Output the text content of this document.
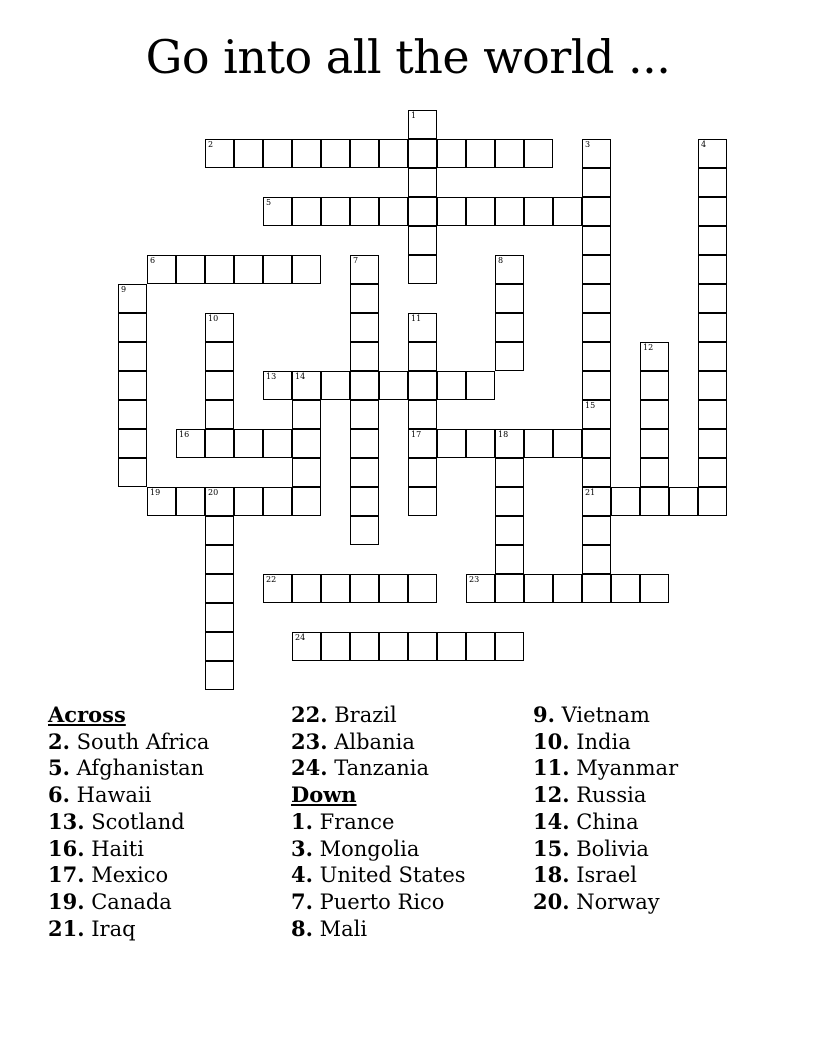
Go into all the world ...
1
2	3	4
5
6	7	8
9
10	11
17
12
13 14
15
21
16	18
19	20
22	23
24
Across
2. South Africa
5. Afghanistan
6. Hawaii
13. Scotland
16. Haiti
17. Mexico
19. Canada
21. Iraq
22. Brazil
23. Albania
24. Tanzania
Down
1. France
3. Mongolia
4. United States
7. Puerto Rico
8. Mali
9. Vietnam
10. India
11. Myanmar
12. Russia
14. China
15. Bolivia
18. Israel
20. Norway
